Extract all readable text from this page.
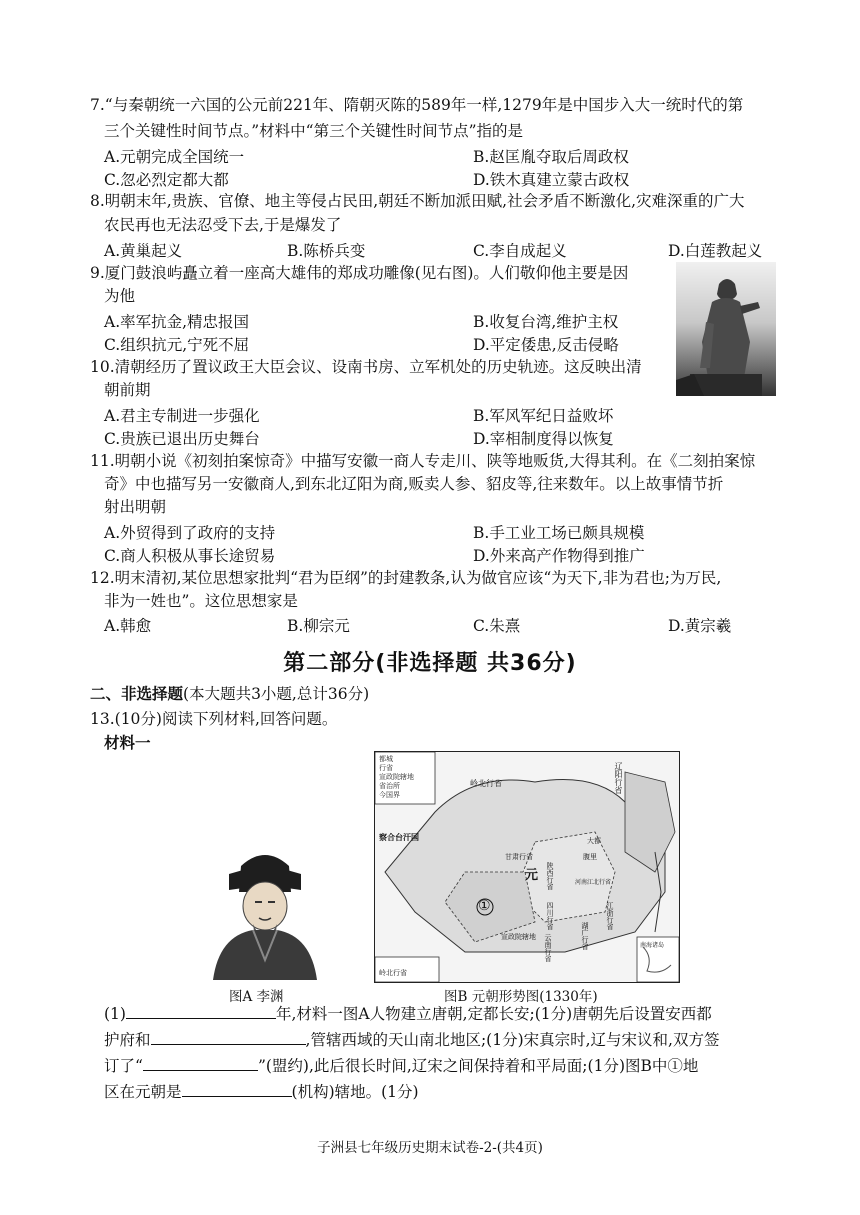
7.“与秦朝统一六国的公元前221年、隋朝灭陈的589年一样,1279年是中国步入大一统时代的第
三个关键性时间节点。”材料中“第三个关键性时间节点”指的是
A.元朝完成全国统一	B.赵匡胤夺取后周政权
C.忽必烈定都大都	D.铁木真建立蒙古政权
8.明朝末年,贵族、官僚、地主等侵占民田,朝廷不断加派田赋,社会矛盾不断激化,灾难深重的广大
农民再也无法忍受下去,于是爆发了
A.黄巢起义	B.陈桥兵变	C.李自成起义	D.白莲教起义
9.厦门鼓浪屿矗立着一座高大雄伟的郑成功雕像(见右图)。人们敬仰他主要是因
为他
A.率军抗金,精忠报国	B.收复台湾,维护主权
C.组织抗元,宁死不屈	D.平定倭患,反击侵略
10.清朝经历了置议政王大臣会议、设南书房、立军机处的历史轨迹。这反映出清
朝前期
A.君主专制进一步强化	B.军风军纪日益败坏
C.贵族已退出历史舞台	D.宰相制度得以恢复
11.明朝小说《初刻拍案惊奇》中描写安徽一商人专走川、陕等地贩货,大得其利。在《二刻拍案惊
奇》中也描写另一安徽商人,到东北辽阳为商,贩卖人参、貂皮等,往来数年。以上故事情节折
射出明朝
A.外贸得到了政府的支持	B.手工业工场已颇具规模
C.商人积极从事长途贸易	D.外来高产作物得到推广
12.明末清初,某位思想家批判“君为臣纲”的封建教条,认为做官应该“为天下,非为君也;为万民,
非为一姓也”。这位思想家是
A.韩愈	B.柳宗元	C.朱熹	D.黄宗羲
第二部分(非选择题 共36分)
二、非选择题(本大题共3小题,总计36分)
13.(10分)阅读下列材料,回答问题。
材料一
图A 李渊
都城
行省
宣政院辖地
省治所
今国界
岭北行省	辽阳行省
察合台汗国
甘肃行省
元
大都
陕西行省
腹里
河南江北行省
四川行省	江浙行省
湖广行省
云南行省
宣政院辖地
岭北行省
①
南海诸岛
图B 元朝形势图(1330年)
(1)	年,材料一图A人物建立唐朝,定都长安;(1分)唐朝先后设置安西都
护府和	,管辖西域的天山南北地区;(1分)宋真宗时,辽与宋议和,双方签
订了“	”(盟约),此后很长时间,辽宋之间保持着和平局面;(1分)图B中①地
区在元朝是	(机构)辖地。(1分)
子洲县七年级历史期末试卷-2-(共4页)
